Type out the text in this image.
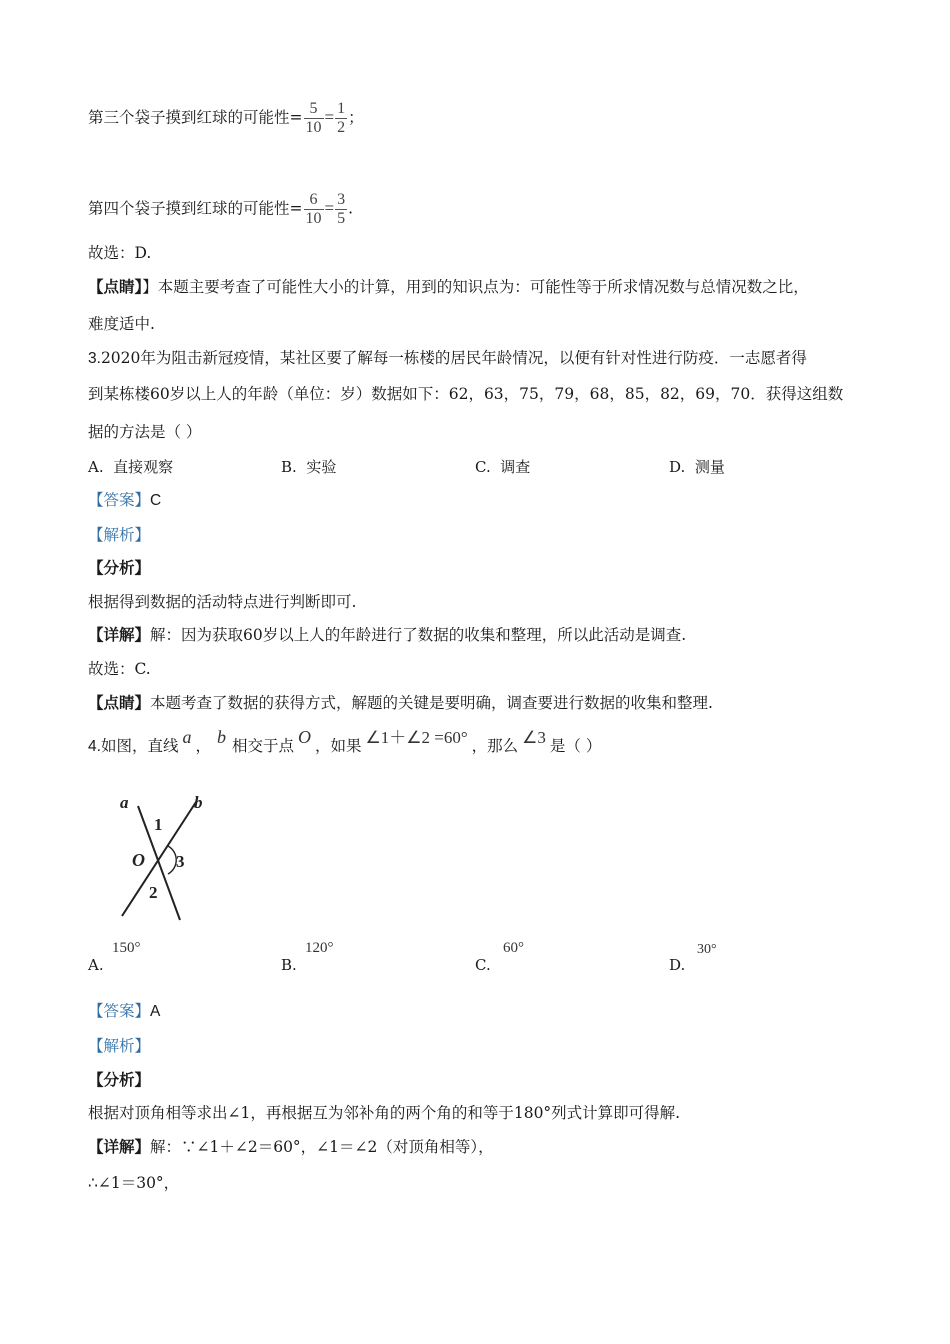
第三个袋子摸到红球的可能性= $\frac{5}{10} = \frac{1}{2}$ ；
第四个袋子摸到红球的可能性= $\frac{6}{10} = \frac{3}{5}$ .
故选：D.
【点睛】】本题主要考查了可能性大小的计算，用到的知识点为：可能性等于所求情况数与总情况数之比，
难度适中.
3.2020年为阻击新冠疫情，某社区要了解每一栋楼的居民年龄情况，以便有针对性进行防疫．一志愿者得
到某栋楼60岁以上人的年龄（单位：岁）数据如下：62，63，75，79，68，85，82，69，70．获得这组数
据的方法是（ ）
A. 直接观察	B. 实验	C. 调查	D. 测量
【答案】C
【解析】
【分析】
根据得到数据的活动特点进行判断即可.
【详解】解：因为获取60岁以上人的年龄进行了数据的收集和整理，所以此活动是调查.
故选：C.
【点睛】本题考查了数据的获得方式，解题的关键是要明确，调查要进行数据的收集和整理.
4.如图，直线 a ， b 相交于点 O ，如果 ∠1＋∠2 =60° ，那么 ∠3 是（ ）
a	b
1
O 3
2
A.
150°
B.
120°
C.
60°
D.
30°
【答案】A
【解析】
【分析】
根据对顶角相等求出∠1，再根据互为邻补角的两个角的和等于180°列式计算即可得解.
【详解】解：∵∠1＋∠2＝60°，∠1＝∠2（对顶角相等），
∴∠1＝30°，
